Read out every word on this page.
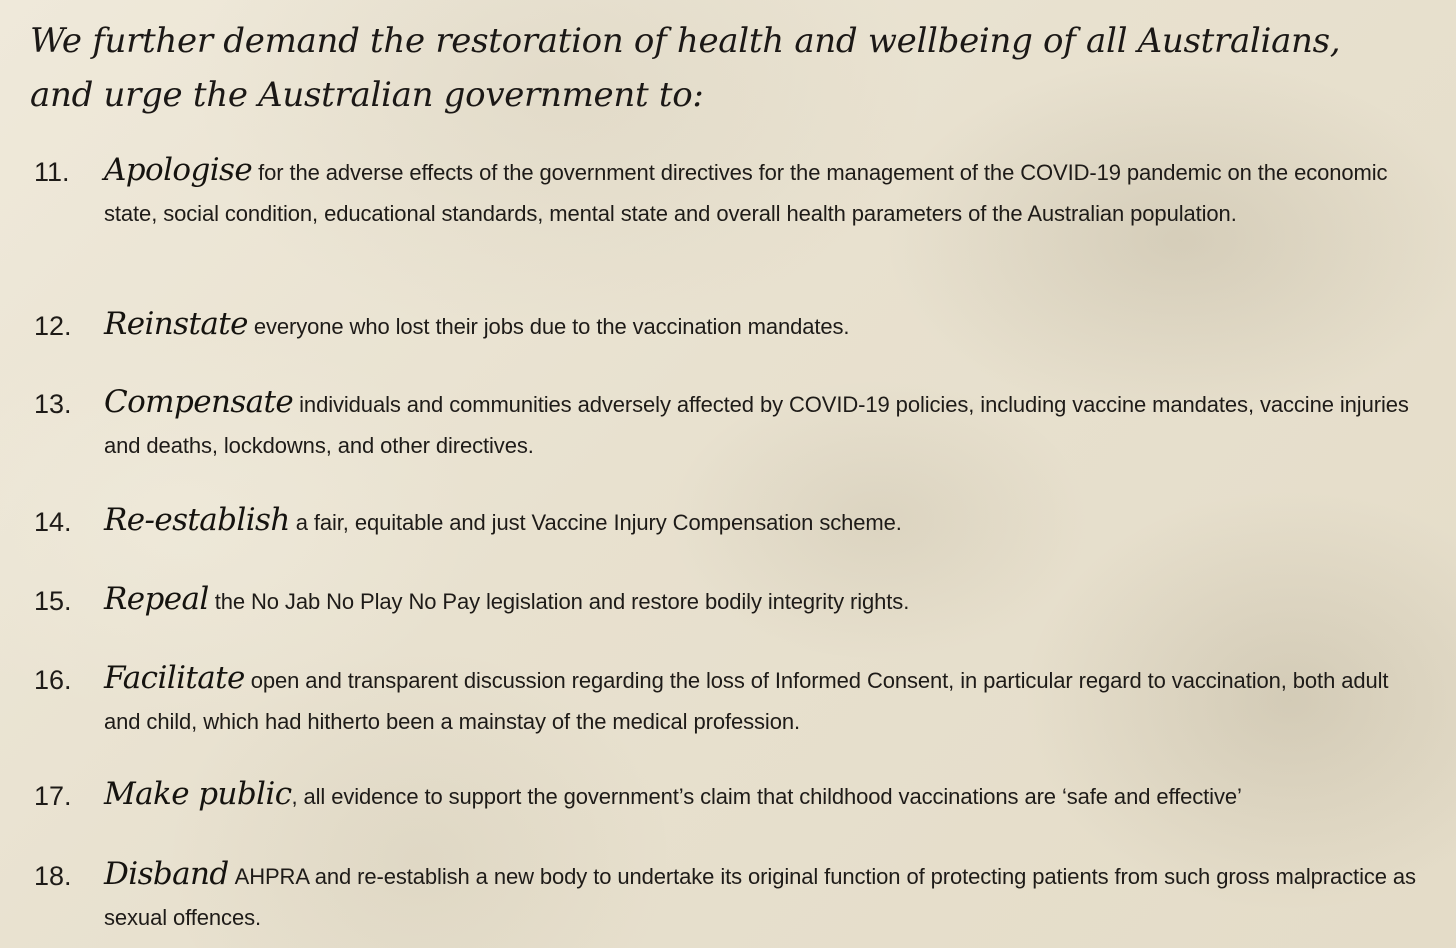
We further demand the restoration of health and wellbeing of all Australians,
and urge the Australian government to:
11. Apologise for the adverse effects of the government directives for the management of the COVID-19 pandemic on the economic state, social condition, educational standards, mental state and overall health parameters of the Australian population.
12. Reinstate everyone who lost their jobs due to the vaccination mandates.
13. Compensate individuals and communities adversely affected by COVID-19 policies, including vaccine mandates, vaccine injuries and deaths, lockdowns, and other directives.
14. Re-establish a fair, equitable and just Vaccine Injury Compensation scheme.
15. Repeal the No Jab No Play No Pay legislation and restore bodily integrity rights.
16. Facilitate open and transparent discussion regarding the loss of Informed Consent, in particular regard to vaccination, both adult and child, which had hitherto been a mainstay of the medical profession.
17. Make public, all evidence to support the government’s claim that childhood vaccinations are ‘safe and effective’
18. Disband AHPRA and re-establish a new body to undertake its original function of protecting patients from such gross malpractice as sexual offences.
